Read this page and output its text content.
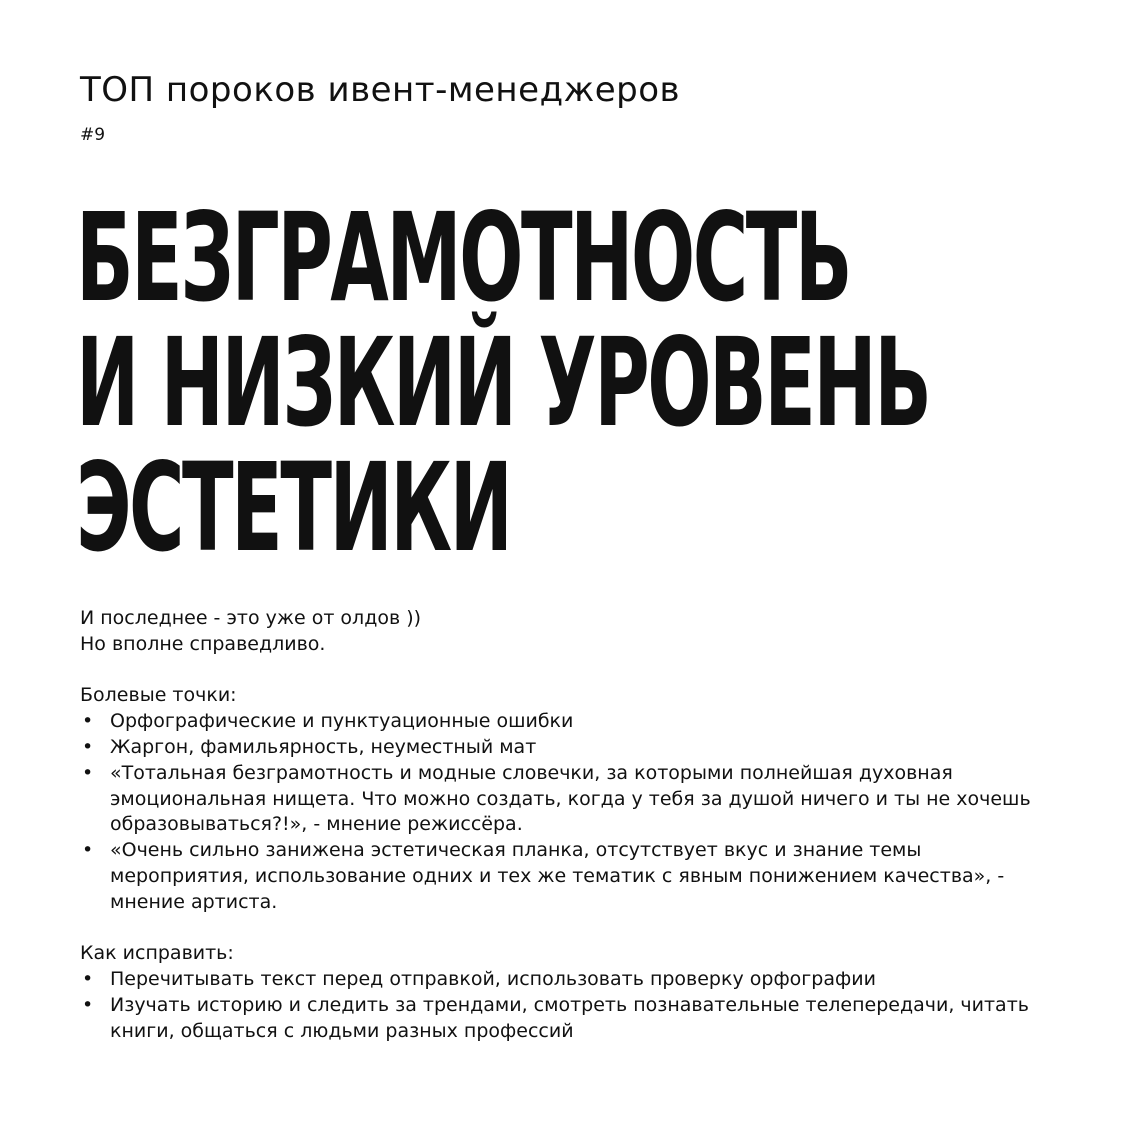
ТОП пороков ивент-менеджеров
#9
БЕЗГРАМОТНОСТЬ
И НИЗКИЙ УРОВЕНЬ
ЭСТЕТИКИ

И последнее - это уже от олдов ))

Но вполне справедливо.

Болевые точки:

• Орфографические и пунктуационные ошибки
• Жаргон, фамильярность, неуместный мат
• «Тотальная безграмотность и модные словечки, за которыми полнейшая духовная эмоциональная нищета. Что можно создать, когда у тебя за душой ничего и ты не хочешь образовываться?!», - мнение режиссёра.
• «Очень сильно занижена эстетическая планка, отсутствует вкус и знание темы мероприятия, использование одних и тех же тематик с явным понижением качества», - мнение артиста.

Как исправить:

• Перечитывать текст перед отправкой, использовать проверку орфографии
• Изучать историю и следить за трендами, смотреть познавательные телепередачи, читать книги, общаться с людьми разных профессий
